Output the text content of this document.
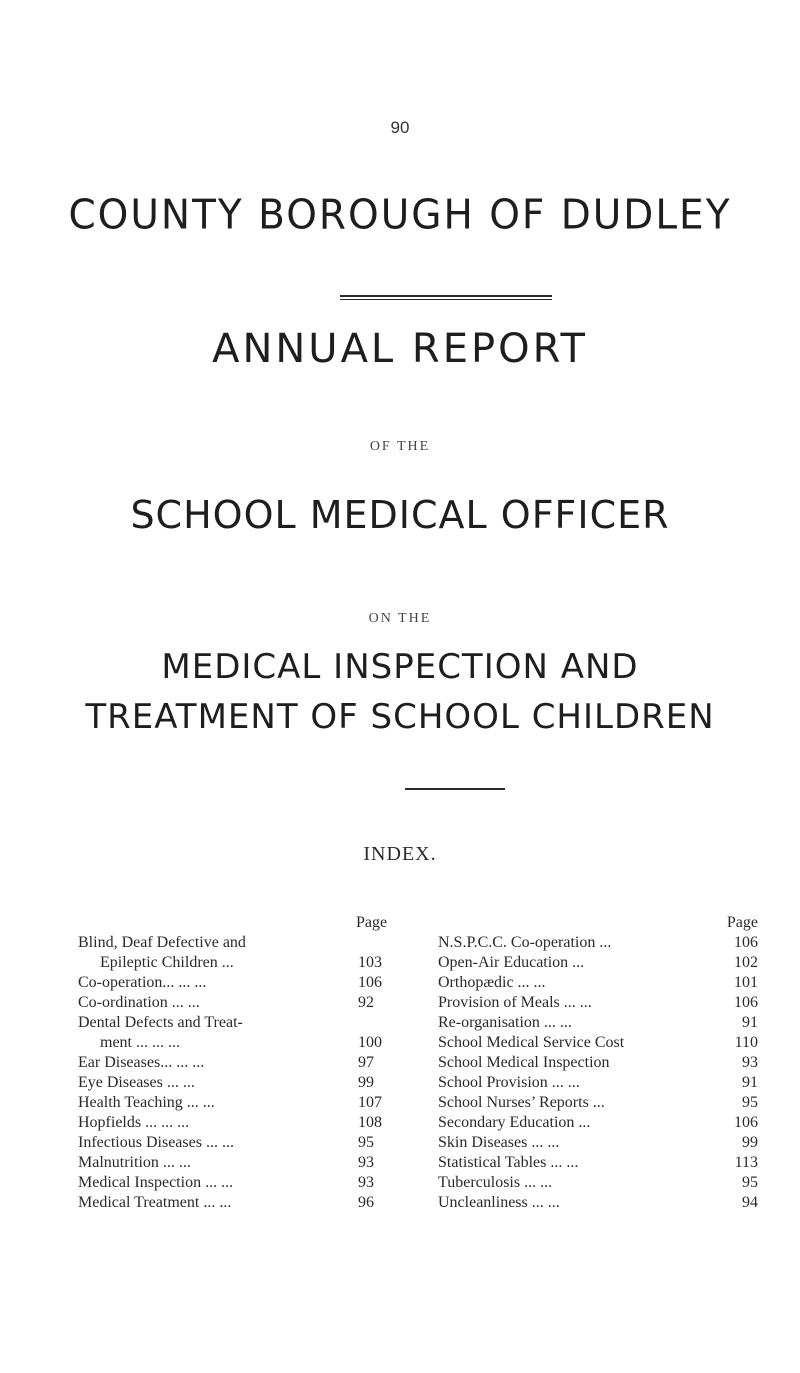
90
COUNTY BOROUGH OF DUDLEY
ANNUAL REPORT
OF THE
SCHOOL MEDICAL OFFICER
ON THE
MEDICAL INSPECTION AND
TREATMENT OF SCHOOL CHILDREN
INDEX.
Page
Blind, Deaf Defective and
Epileptic Children ...	103
Co-operation... ... ...	106
Co-ordination ... ...	92
Dental Defects and Treat-
ment ... ... ...	100
Ear Diseases... ... ...	97
Eye Diseases ... ...	99
Health Teaching ... ...	107
Hopfields ... ... ...	108
Infectious Diseases ... ...	95
Malnutrition ... ...	93
Medical Inspection ... ...	93
Medical Treatment ... ...	96
Page
N.S.P.C.C. Co-operation ...	106
Open-Air Education ...	102
Orthopædic ... ...	101
Provision of Meals ... ...	106
Re-organisation ... ...	91
School Medical Service Cost	110
School Medical Inspection	93
School Provision ... ...	91
School Nurses’ Reports ...	95
Secondary Education ...	106
Skin Diseases ... ...	99
Statistical Tables ... ...	113
Tuberculosis ... ...	95
Uncleanliness ... ...	94
